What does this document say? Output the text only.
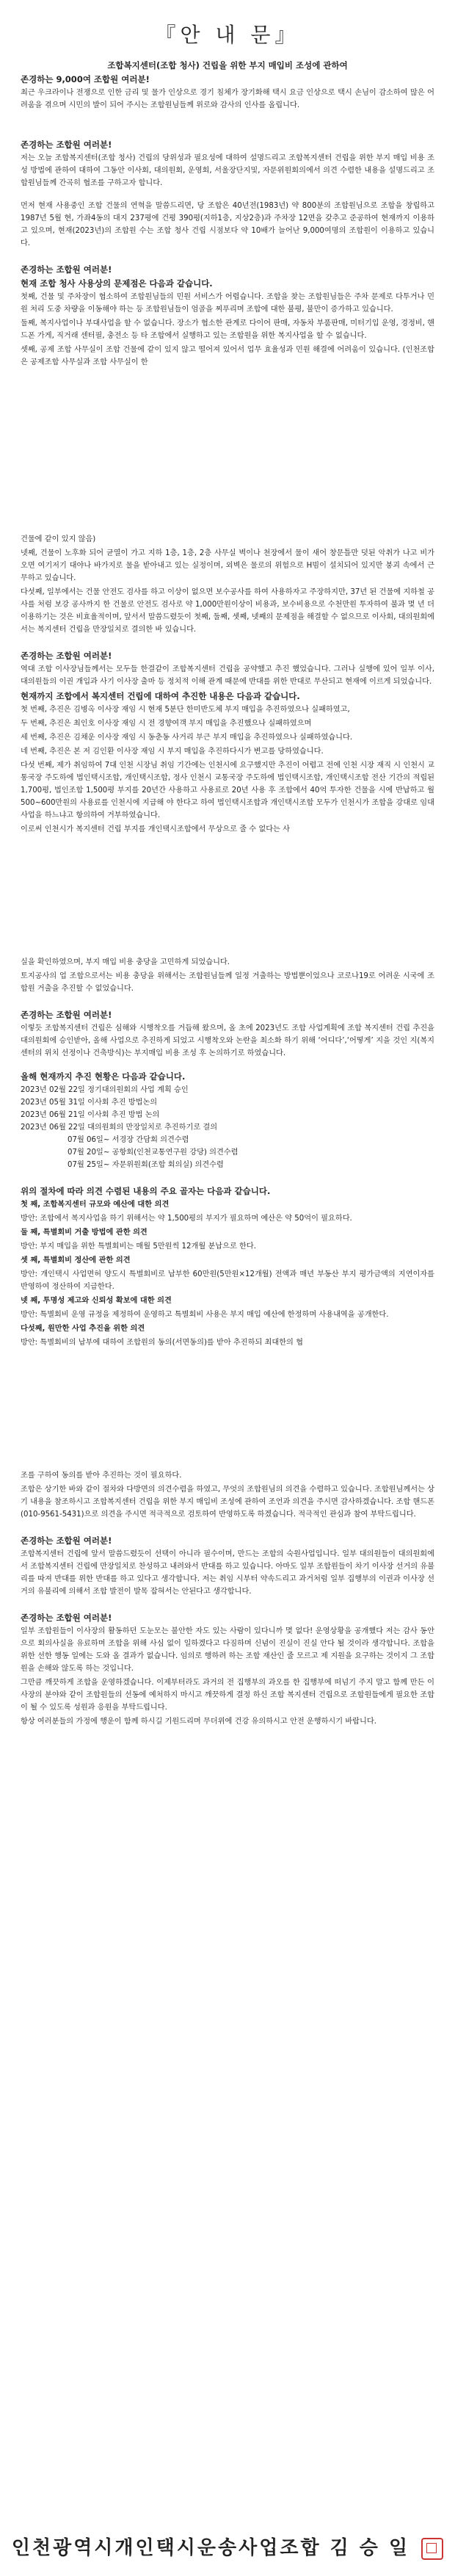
『안 내 문』

조합복지센터(조합 청사) 건립을 위한 부지 매입비 조성에 관하여

존경하는 9,000여 조합원 여러분!

최근 우크라이나 전쟁으로 인한 금리 및 물가 인상으로 경기 침체가 장기화해 택시 요금 인상으로 택시 손님이 감소하여 많은 어려움을 겪으며 시민의 발이 되어 주시는 조합원님들께 위로와 감사의 인사를 올립니다.

존경하는 조합원 여러분!

저는 오늘 조합복지센터(조합 청사) 건립의 당위성과 필요성에 대하여 설명드리고 조합복지센터 건립을 위한 부지 매입 비용 조성 방법에 관하여 대하여 그동안 이사회, 대의원회, 운영회, 서울장단지및, 자문위원회의에서 의견 수렴한 내용을 설명드리고 조합원님들께 간곡히 협조를 구하고자 합니다.

먼저 현재 사용중인 조합 건물의 연혁을 말씀드리면, 당 조합은 40년전(1983년) 약 800분의 조합원님으로 조합을 창립하고 1987년 5월 현, 가좌4동의 대지 237평에 건평 390평(지하1층, 지상2층)과 주차장 12면을 갖추고 준공하여 현재까지 이용하고 있으며, 현재(2023년)의 조합원 수는 조합 청사 건립 시점보다 약 10배가 늘어난 9,000여명의 조합원이 이용하고 있습니다.

존경하는 조합원 여러분!

현재 조합 청사 사용상의 문제점은 다음과 같습니다.

첫째, 건물 및 주차장이 협소하여 조합원님들의 민원 서비스가 어렵습니다. 조합을 찾는 조합원님들은 주차 문제로 다투거나 민원 처리 도중 차량을 이동해야 하는 등 조합원님들이 엄골을 찌푸리며 조합에 대한 불평, 불만이 증가하고 있습니다.

둘째, 복지사업이나 부대사업을 할 수 없습니다. 장소가 협소한 관계로 다이어 판매, 자동차 부품판매, 미터기입 운영, 경정비, 핸드폰 가게, 직거래 센터필, 충전소 등 타 조합에서 실행하고 있는 조합원을 위한 복지사업을 할 수 없습니다.

셋째, 공제 조합 사무실이 조합 건물에 같이 있지 않고 떨어져 있어서 업무 효율성과 민원 해결에 어려움이 있습니다. (인천조합은 공제조합 사무실과 조합 사무실이 한

건물에 같이 있지 않음)

넷째, 건물이 노후화 되어 균열이 가고 지하 1층, 1층, 2층 사무실 벽이나 천장에서 물이 새어 창문틀만 덧된 악취가 나고 비가 오면 여기저기 대야나 바가지로 물을 받아내고 있는 실정이며, 외벽은 물로의 위험으로 H빔이 설치되어 있지만 붕괴 속에서 근무하고 있습니다.

다섯째, 일부에서는 건물 안전도 검사를 하고 이상이 없으면 보수공사를 하여 사용하자고 주장하지만, 37년 된 건물에 지하철 공사를 처럼 보강 공사까지 한 건물로 안전도 검사로 약 1,000만원이상이 비용과, 보수비용으로 수천만원 투자하여 불과 몇 년 더 이용하기는 것은 비효율적이며, 앞서서 말씀드렸듯이 첫째, 둘째, 셋째, 넷째의 문제점을 해결할 수 없으므로 이사회, 대의원회에서는 복지센터 건립을 만장일치로 결의한 바 있습니다.

존경하는 조합원 여러분!

역대 조합 이사장님들께서는 모두들 한결같이 조합복지센터 건립을 공약했고 추진 했었습니다. 그러나 실행에 있어 일부 이사, 대의원들의 이권 개입과 사기 이사장 출마 등 정치적 이해 관계 때문에 반대를 위한 반대로 무산되고 현재에 이르게 되었습니다.

현재까지 조합에서 복지센터 건립에 대하여 추진한 내용은 다음과 같습니다.

첫 번째, 추진은 김병옥 이사장 재임 시 현재 5분단 한미반도체 부지 매입을 추진하였으나 실패하였고,

두 번째, 추진은 최인호 이사장 재임 시 전 경향여객 부지 매입을 추진했으나 실패하였으며

세 번째, 추진은 김채운 이사장 재임 시 동춘동 사거리 부근 부지 매입을 추진하였으나 실패하였습니다.

네 번째, 추진은 본 저 김인환 이사장 재임 시 부지 매입을 추진하다시가 변고를 당하였습니다.

다섯 번째, 제가 취임하여 7대 인천 시장님 취임 기간에는 인천시에 요구했지만 추진이 어렵고 전에 인천 시장 재직 시 인천시 교통국장 주도하에 법인택시조합, 개인택시조합, 정사 인천시 교통국장 주도하에 법인택시조합, 개인택시조합 전산 기간의 적립된 1,700평, 법인조합 1,500평 부지를 20년간 사용하고 사용료로 20년 사용 후 조합에서 40억 투자한 건물을 시에 반납하고 월500~600만원의 사용료를 인천시에 지급해 야 한다고 하여 법인택시조합과 개인택시조합 모두가 인천시가 조합을 강대로 임대 사업을 하느냐고 항의하여 거부하였습니다.

이로써 인천시가 복지센터 건립 부지를 개인택시조합에서 무상으로 줄 수 없다는 사

실을 확인하였으며, 부지 매입 비용 충당을 고민하게 되었습니다.

토지공사의 업 조합으로서는 비용 충당을 위해서는 조합원님들께 일정 거출하는 방법뿐이었으나 코로나19로 어려운 시국에 조합원 거출을 추진할 수 없었습니다.

존경하는 조합원 여러분!

이렇듯 조합복지센터 건립은 심해와 시행착오를 거듭해 왔으며, 올 초에 2023년도 조합 사업계획에 조합 복지센터 건립 추진을 대의원회에 승인받아, 올해 사업으로 추진하게 되었고 시행착오와 논란을 최소화 하기 위해 ‘어디다’,‘어떻게’ 지을 것인 지(복지센터의 위치 선정이나 건축방식)는 부지매입 비용 조성 후 논의하기로 하였습니다.

올해 현재까지 추진 현황은 다음과 같습니다.

2023년 02월 22일 정기대의원회의 사업 계획 승인
2023년 05월 31일 이사회 추진 방법논의
2023년 06월 21일 이사회 추진 방법 논의
2023년 06월 22일 대의원회의 만장일치로 추진하기로 결의
07월 06일~ 서경장 간담회 의견수렴
07월 20일~ 공항회(인천교통연구원 강당) 의견수렴
07월 25일~ 자문위원회(조합 회의실) 의견수렴

위의 절차에 따라 의견 수렴된 내용의 주요 골자는 다음과 같습니다.

첫 째, 조합복지센터 규모와 예산에 대한 의견

방안: 조합에서 복지사업을 하기 위해서는 약 1,500평의 부지가 필요하며 예산은 약 50억이 필요하다.

둘 째, 특별회비 거출 방법에 관한 의견

방안: 부지 매입을 위한 특별회비는 매월 5만원씩 12개월 분납으로 한다.

셋 째, 특별회비 정산에 관한 의견

방안: 개인택시 사업면허 양도시 특별회비로 납부한 60만원(5만원×12개월) 전액과 매년 부동산 부지 평가금액의 지연이자를 반영하여 정산하여 지급한다.

넷 째, 투명성 제고와 신뢰성 확보에 대한 의견

방안: 특별회비 운영 규정을 제정하여 운영하고 특별회비 사용은 부지 매입 예산에 한정하며 사용내역을 공개한다.

다섯째, 원만한 사업 추진을 위한 의견

방안: 특별회비의 납부에 대하여 조합원의 동의(서면동의)를 받아 추진하되 최대한의 협

조를 구하여 동의를 받아 추진하는 것이 필요하다.

조합은 상기한 바와 같이 절차와 다방면의 의견수렴을 하였고, 무엇의 조합원님의 의견을 수렴하고 있습니다. 조합원님께서는 상기 내용을 참조하시고 조합복지센터 건립을 위한 부지 매입비 조성에 관하여 조언과 의견을 주시면 감사하겠습니다. 조합 핸드폰(010-9561-5431)으로 의견을 주시면 적극적으로 검토하여 반영하도록 하겠습니다. 적극적인 관심과 참여 부탁드립니다.

존경하는 조합원 여러분!

조합복지센터 건립에 앞서 말씀드렸듯이 선택이 아니라 필수이며, 만드는 조합의 숙원사업입니다. 일부 대의원들이 대의원회에서 조합복지센터 건립에 만장일치로 찬성하고 내려와서 반대를 하고 있습니다. 아마도 일부 조합원들이 차기 이사장 선거의 유불리를 따져 반대를 위한 반대를 하고 있다고 생각합니다. 저는 취임 시부터 약속드리고 과거처럼 일부 집행부의 이권과 이사장 선거의 유불리에 의해서 조합 발전이 발목 잡혀서는 안된다고 생각합니다.

존경하는 조합원 여러분!

일부 조합원들이 이사장의 활동하던 도눈모는 불안한 자도 있는 사람이 있다니까 몇 없다! 운영상황을 공개했다 저는 감사 동안으로 회의사실을 유료하며 조합을 위해 사심 없이 일하겠다고 다짐하며 신념이 진실이 진실 안다 될 것이라 생각합니다. 조합을 위한 선한 행동 일에는 도와 올 결과가 없습니다. 임의로 행하려 하는 조합 재산인 줄 모르고 제 지원을 요구하는 것이지 그 조합원을 손해와 않도록 하는 것입니다.

그만큼 깨끗하게 조합을 운영하겠습니다. 이제부터라도 과거의 전 집행부의 과오를 한 집행부에 떠넘기 주지 말고 함께 만든 이사장의 분야와 같이 조합원들의 선동에 예처하지 마시고 깨끗하게 결정 하신 조합 복지센터 건립으로 조합원들에게 필요한 조합이 될 수 있도록 성원과 응원을 부탁드립니다.

항상 여러분들의 가정에 행운이 함께 하시길 기원드리며 무더위에 건강 유의하시고 안전 운행하시기 바랍니다.

인천광역시개인택시운송사업조합 김 승 일
